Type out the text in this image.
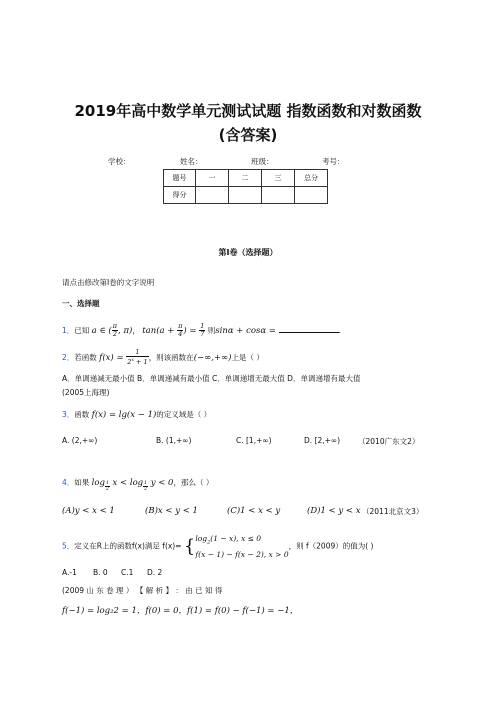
2019年高中数学单元测试试题 指数函数和对数函数
(含答案)
学校：	姓名：	班级：	考号：
题号	一	二	三	总分
得分				
第I卷（选择题）
请点击修改第I卷的文字说明
一、选择题
1．已知 a ∈ ( $\frac{\pi}{2}$ , π)， $\tan(a + \frac{\pi}{4}$ ) = $\frac{1}{7}$ 则sinα + cosα =	.
2．若函数 $f(x) = \frac{1}{2^x + 1}$ ，则该函数在(−∞,+∞)上是（ ）
A．单调递减无最小值 B．单调递减有最小值 C．单调递增无最大值 D．单调递增有最大值
(2005上海理)
3．函数 f(x) = lg(x − 1)的定义域是（ ）
A. (2,+∞)	B. (1,+∞)	C. [1,+∞)	D. [2,+∞) （2010广东文2）
4．如果 log $_{\frac{1}{2}}$ x < log $_{\frac{1}{2}}$ y < 0，那么（ ）
(A)y < x < 1	(B)x < y < 1	(C)1 < x < y	(D)1 < y < x （2011北京文3）
5．定义在R上的函数f(x)满足 $f(x)= \{\log_2(1 - x)$, x ≤ 0
f(x − 1) − f(x − 2), x > 0，则 f（2009）的值为( )
A.-1 B. 0 C.1 D. 2
(2009 山 东 卷 理 ） 【 解 析 】 ： 由 已 知 得
f(−1) = log₂2 = 1，f(0) = 0，f(1) = f(0) − f(−1) = −1，
